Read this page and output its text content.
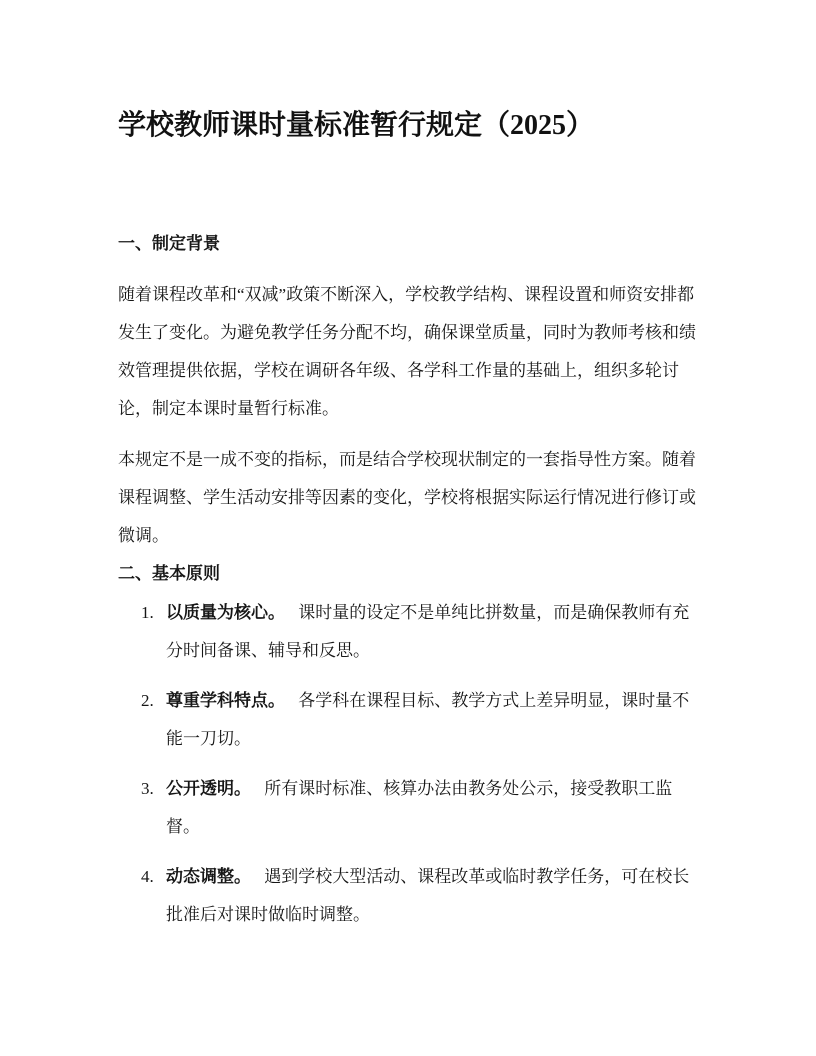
学校教师课时量标准暂行规定（2025）
一、制定背景

随着课程改革和“双减”政策不断深入，学校教学结构、课程设置和师资安排都发生了变化。为避免教学任务分配不均，确保课堂质量，同时为教师考核和绩效管理提供依据，学校在调研各年级、各学科工作量的基础上，组织多轮讨论，制定本课时量暂行标准。

本规定不是一成不变的指标，而是结合学校现状制定的一套指导性方案。随着课程调整、学生活动安排等因素的变化，学校将根据实际运行情况进行修订或微调。

二、基本原则
1. 以质量为核心。 课时量的设定不是单纯比拼数量，而是确保教师有充分时间备课、辅导和反思。
2. 尊重学科特点。 各学科在课程目标、教学方式上差异明显，课时量不能一刀切。
3. 公开透明。 所有课时标准、核算办法由教务处公示，接受教职工监督。
4. 动态调整。 遇到学校大型活动、课程改革或临时教学任务，可在校长批准后对课时做临时调整。
